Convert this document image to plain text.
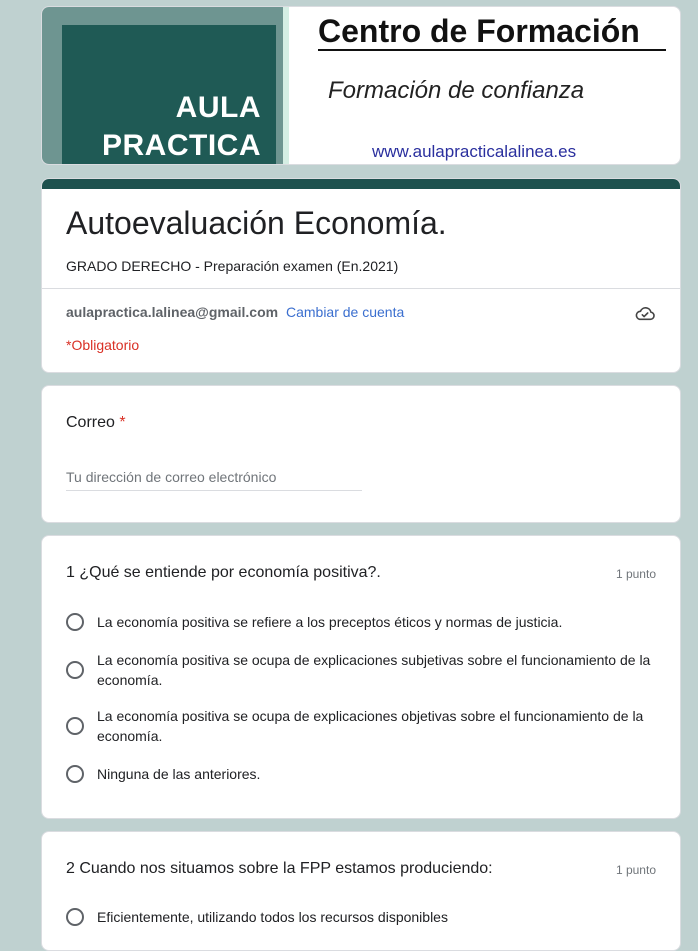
AULA
PRACTICA
Centro de Formación
Formación de confianza
www.aulapracticalalinea.es
Autoevaluación Economía.
GRADO DERECHO - Preparación examen (En.2021)
aulapractica.lalinea@gmail.com Cambiar de cuenta
*Obligatorio
Correo *
Tu dirección de correo electrónico
1 ¿Qué se entiende por economía positiva?.	1 punto
La economía positiva se refiere a los preceptos éticos y normas de justicia.
La economía positiva se ocupa de explicaciones subjetivas sobre el funcionamiento de la economía.
La economía positiva se ocupa de explicaciones objetivas sobre el funcionamiento de la economía.
Ninguna de las anteriores.
2 Cuando nos situamos sobre la FPP estamos produciendo:	1 punto
Eficientemente, utilizando todos los recursos disponibles
